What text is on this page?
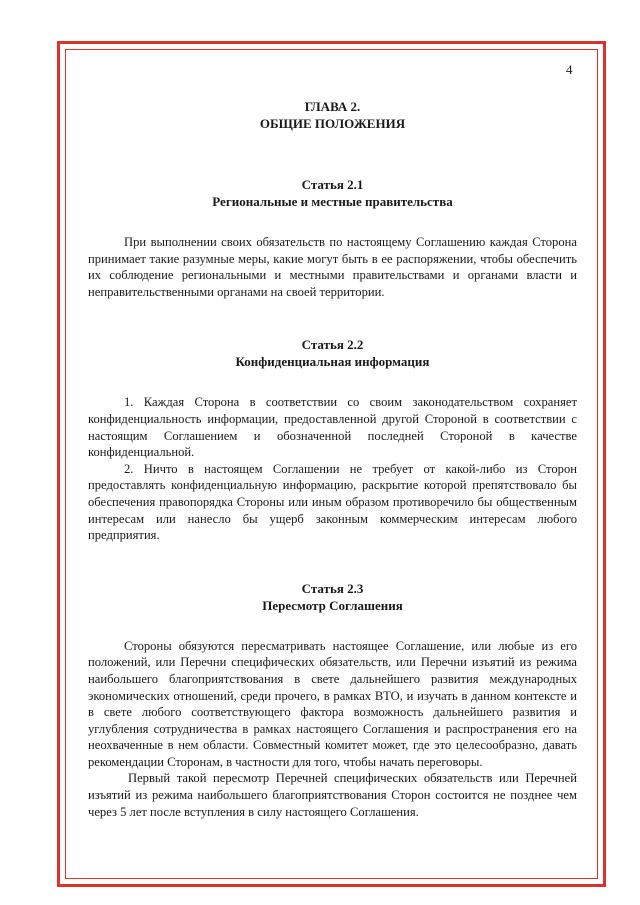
4

ГЛАВА 2.

ОБЩИЕ ПОЛОЖЕНИЯ

Статья 2.1

Региональные и местные правительства

При выполнении своих обязательств по настоящему Соглашению каждая Сторона принимает такие разумные меры, какие могут быть в ее распоряжении, чтобы обеспечить их соблюдение региональными и местными правительствами и органами власти и неправительственными органами на своей территории.

Статья 2.2

Конфиденциальная информация

1. Каждая Сторона в соответствии со своим законодательством сохраняет конфиденциальность информации, предоставленной другой Стороной в соответствии с настоящим Соглашением и обозначенной последней Стороной в качестве конфиденциальной.

2. Ничто в настоящем Соглашении не требует от какой-либо из Сторон предоставлять конфиденциальную информацию, раскрытие которой препятствовало бы обеспечения правопорядка Стороны или иным образом противоречило бы общественным интересам или нанесло бы ущерб законным коммерческим интересам любого предприятия.

Статья 2.3

Пересмотр Соглашения

Стороны обязуются пересматривать настоящее Соглашение, или любые из его положений, или Перечни специфических обязательств, или Перечни изъятий из режима наибольшего благоприятствования в свете дальнейшего развития международных экономических отношений, среди прочего, в рамках ВТО, и изучать в данном контексте и в свете любого соответствующего фактора возможность дальнейшего развития и углубления сотрудничества в рамках настоящего Соглашения и распространения его на неохваченные в нем области. Совместный комитет может, где это целесообразно, давать рекомендации Сторонам, в частности для того, чтобы начать переговоры.

Первый такой пересмотр Перечней специфических обязательств или Перечней изъятий из режима наибольшего благоприятствования Сторон состоится не позднее чем через 5 лет после вступления в силу настоящего Соглашения.
